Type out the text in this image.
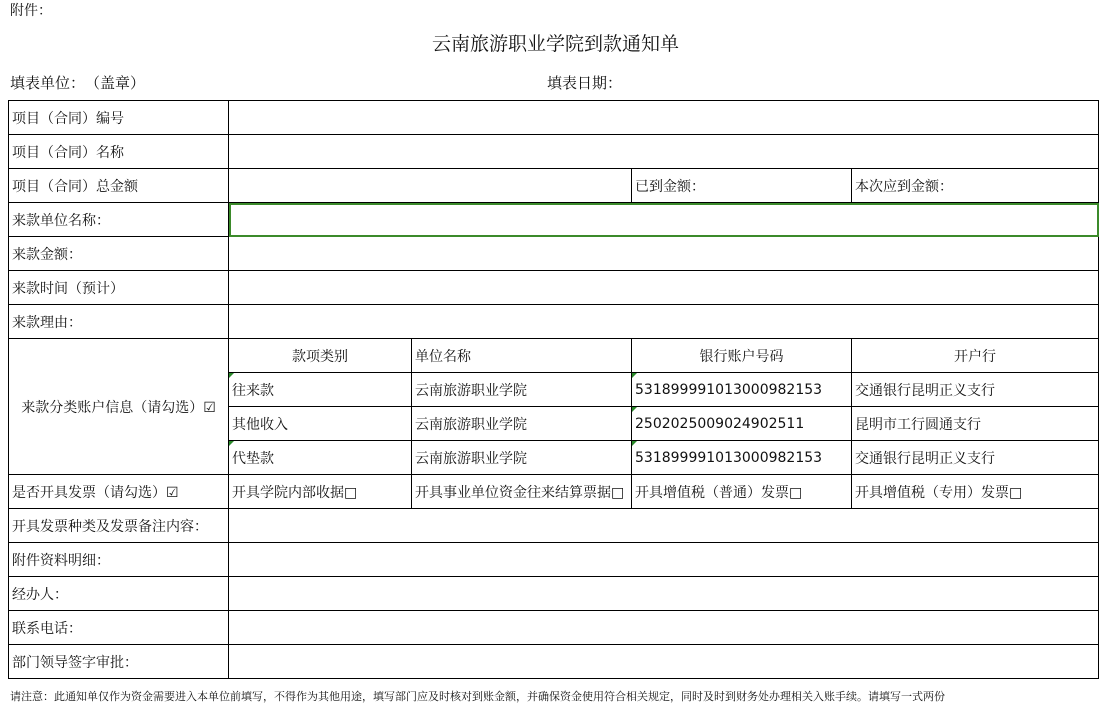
附件：
云南旅游职业学院到款通知单
填表单位：　（盖章）	填表日期：
项目（合同）编号				
项目（合同）名称				
项目（合同）总金额			已到金额：	本次应到金额：
来款单位名称：				
来款金额：				
来款时间（预计）				
来款理由：				
来款分类账户信息（请勾选）☑	款项类别	单位名称	银行账户号码	开户行
	往来款	云南旅游职业学院	53189999101300098215​3	交通银行昆明正义支行
	其他收入	云南旅游职业学院	2502025009024902511	昆明市工行圆通支行
	代垫款	云南旅游职业学院	53189999101300098215​3	交通银行昆明正义支行
是否开具发票（请勾选）☑	开具学院内部收据□	开具事业单位资金往来结算票据□	开具增值税（普通）发票□	开具增值税（专用）发票□
开具发票种类及发票备注内容：				
附件资料明细：				
经办人：				
联系电话：				
部门领导签字审批：				
请注意：此通知单仅作为资金需要进入本单位前填写，不得作为其他用途，填写部门应及时核对到账金额，并确保资金使用符合相关规定，同时及时到财务处办理相关入账手续。请填写一式两份
